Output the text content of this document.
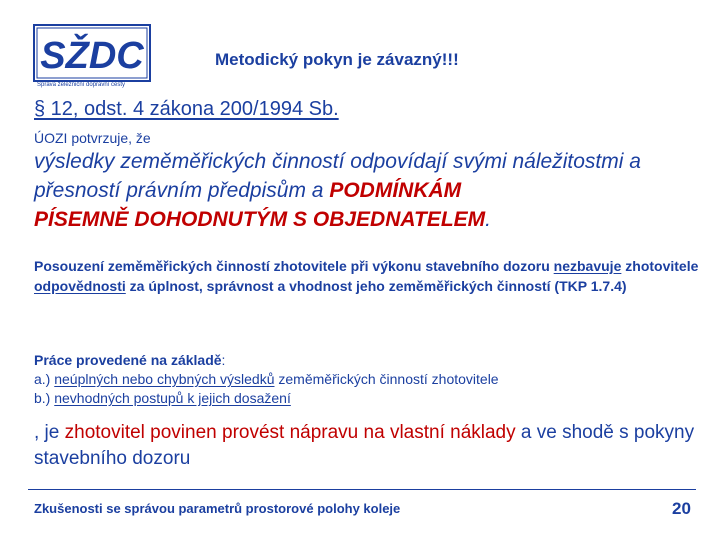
SŽDC
Správa železniční dopravní cesty
Metodický pokyn je závazný!!!
§ 12, odst. 4 zákona 200/1994 Sb.
ÚOZI potvrzuje, že
výsledky zeměměřických činností odpovídají svými náležitostmi a přesností právním předpisům a PODMÍNKÁM
PÍSEMNĚ DOHODNUTÝM S OBJEDNATELEM.
Posouzení zeměměřických činností zhotovitele při výkonu stavebního dozoru nezbavuje zhotovitele odpovědnosti za úplnost, správnost a vhodnost jeho zeměměřických činností (TKP 1.7.4)
Práce provedené na základě:
a.) neúplných nebo chybných výsledků zeměměřických činností zhotovitele
b.) nevhodných postupů k jejich dosažení
, je zhotovitel povinen provést nápravu na vlastní náklady a ve shodě s pokyny stavebního dozoru
Zkušenosti se správou parametrů prostorové polohy koleje	20
